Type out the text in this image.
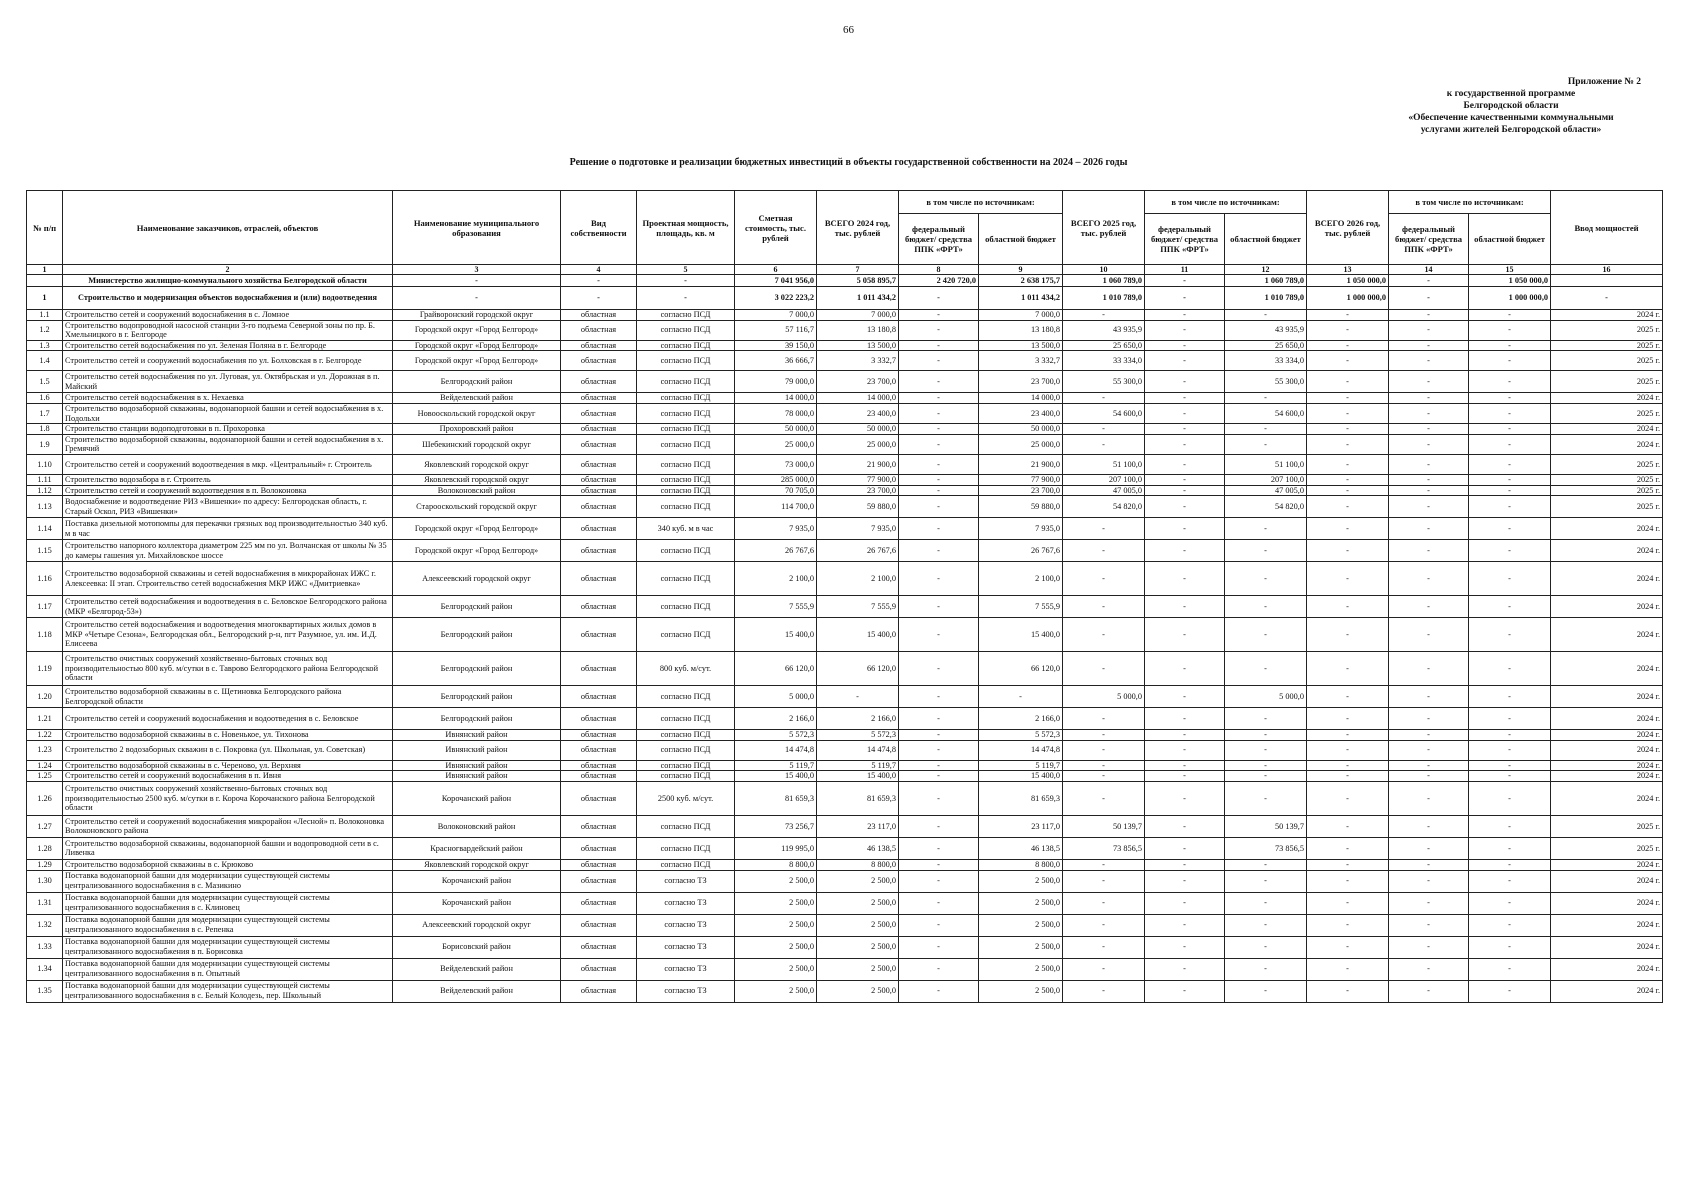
66
Приложение № 2
к государственной программе
Белгородской области
«Обеспечение качественными коммунальными
услугами жителей Белгородской области»
Решение о подготовке и реализации бюджетных инвестиций в объекты государственной собственности на 2024 – 2026 годы
№ п/п	Наименование заказчиков, отраслей, объектов	Наименование муниципального образования	Вид собственности	Проектная мощность, площадь, кв. м	Сметная стоимость, тыс. рублей	ВСЕГО 2024 год, тыс. рублей	в том числе по источникам:		ВСЕГО 2025 год, тыс. рублей	в том числе по источникам:		ВСЕГО 2026 год, тыс. рублей	в том числе по источникам:		Ввод мощностей
							федеральный бюджет/ средства ППК «ФРТ»	областной бюджет		федеральный бюджет/ средства ППК «ФРТ»	областной бюджет		федеральный бюджет/ средства ППК «ФРТ»	областной бюджет	
1	2	3	4	5	6	7	8	9	10	11	12	13	14	15	16
	Министерство жилищно-коммунального хозяйства Белгородской области	-	-	-	7 041 956,0	5 058 895,7	2 420 720,0	2 638 175,7	1 060 789,0	-	1 060 789,0	1 050 000,0	-	1 050 000,0	
1	Строительство и модернизация объектов водоснабжения и (или) водоотведения	-	-	-	3 022 223,2	1 011 434,2	-	1 011 434,2	1 010 789,0	-	1 010 789,0	1 000 000,0	-	1 000 000,0	-
1.1	Строительство сетей и сооружений водоснабжения в с. Ломное	Грайворонский городской округ	областная	согласно ПСД	7 000,0	7 000,0	-	7 000,0	-	-	-	-	-	-	2024 г.
1.2	Строительство водопроводной насосной станции 3-го подъема Северной зоны по пр. Б. Хмельницкого в г. Белгороде	Городской округ «Город Белгород»	областная	согласно ПСД	57 116,7	13 180,8	-	13 180,8	43 935,9	-	43 935,9	-	-	-	2025 г.
1.3	Строительство сетей водоснабжения по ул. Зеленая Поляна в г. Белгороде	Городской округ «Город Белгород»	областная	согласно ПСД	39 150,0	13 500,0	-	13 500,0	25 650,0	-	25 650,0	-	-	-	2025 г.
1.4	Строительство сетей и сооружений водоснабжения по ул. Болховская в г. Белгороде	Городской округ «Город Белгород»	областная	согласно ПСД	36 666,7	3 332,7	-	3 332,7	33 334,0	-	33 334,0	-	-	-	2025 г.
1.5	Строительство сетей водоснабжения по ул. Луговая, ул. Октябрьская и ул. Дорожная в п. Майский	Белгородский район	областная	согласно ПСД	79 000,0	23 700,0	-	23 700,0	55 300,0	-	55 300,0	-	-	-	2025 г.
1.6	Строительство сетей водоснабжения в х. Нехаевка	Вейделевский район	областная	согласно ПСД	14 000,0	14 000,0	-	14 000,0	-	-	-	-	-	-	2024 г.
1.7	Строительство водозаборной скважины, водонапорной башни и сетей водоснабжения в х. Подольхи	Новооскольский городской округ	областная	согласно ПСД	78 000,0	23 400,0	-	23 400,0	54 600,0	-	54 600,0	-	-	-	2025 г.
1.8	Строительство станции водоподготовки в п. Прохоровка	Прохоровский район	областная	согласно ПСД	50 000,0	50 000,0	-	50 000,0	-	-	-	-	-	-	2024 г.
1.9	Строительство водозаборной скважины, водонапорной башни и сетей водоснабжения в х. Гремячий	Шебекинский городской округ	областная	согласно ПСД	25 000,0	25 000,0	-	25 000,0	-	-	-	-	-	-	2024 г.
1.10	Строительство сетей и сооружений водоотведения в мкр. «Центральный» г. Строитель	Яковлевский городской округ	областная	согласно ПСД	73 000,0	21 900,0	-	21 900,0	51 100,0	-	51 100,0	-	-	-	2025 г.
1.11	Строительство водозабора в г. Строитель	Яковлевский городской округ	областная	согласно ПСД	285 000,0	77 900,0	-	77 900,0	207 100,0	-	207 100,0	-	-	-	2025 г.
1.12	Строительство сетей и сооружений водоотведения в п. Волоконовка	Волоконовский район	областная	согласно ПСД	70 705,0	23 700,0	-	23 700,0	47 005,0	-	47 005,0	-	-	-	2025 г.
1.13	Водоснабжение и водоотведение РИЗ «Вишенки» по адресу: Белгородская область, г. Старый Оскол, РИЗ «Вишенки»	Старооскольский городской округ	областная	согласно ПСД	114 700,0	59 880,0	-	59 880,0	54 820,0	-	54 820,0	-	-	-	2025 г.
1.14	Поставка дизельной мотопомпы для перекачки грязных вод производительностью 340 куб. м в час	Городской округ «Город Белгород»	областная	340 куб. м в час	7 935,0	7 935,0	-	7 935,0	-	-	-	-	-	-	2024 г.
1.15	Строительство напорного коллектора диаметром 225 мм по ул. Волчанская от школы № 35 до камеры гашения ул. Михайловское шоссе	Городской округ «Город Белгород»	областная	согласно ПСД	26 767,6	26 767,6	-	26 767,6	-	-	-	-	-	-	2024 г.
1.16	Строительство водозаборной скважины и сетей водоснабжения в микрорайонах ИЖС г. Алексеевка: II этап. Строительство сетей водоснабжения МКР ИЖС «Дмитриевка»	Алексеевский городской округ	областная	согласно ПСД	2 100,0	2 100,0	-	2 100,0	-	-	-	-	-	-	2024 г.
1.17	Строительство сетей водоснабжения и водоотведения в с. Беловское Белгородского района (МКР «Белгород-53»)	Белгородский район	областная	согласно ПСД	7 555,9	7 555,9	-	7 555,9	-	-	-	-	-	-	2024 г.
1.18	Строительство сетей водоснабжения и водоотведения многоквартирных жилых домов в МКР «Четыре Сезона», Белгородская обл., Белгородский р-н, пгт Разумное, ул. им. И.Д. Елисеева	Белгородский район	областная	согласно ПСД	15 400,0	15 400,0	-	15 400,0	-	-	-	-	-	-	2024 г.
1.19	Строительство очистных сооружений хозяйственно-бытовых сточных вод производительностью 800 куб. м/сутки в с. Таврово Белгородского района Белгородской области	Белгородский район	областная	800 куб. м/сут.	66 120,0	66 120,0	-	66 120,0	-	-	-	-	-	-	2024 г.
1.20	Строительство водозаборной скважины в с. Щетиновка Белгородского района Белгородской области	Белгородский район	областная	согласно ПСД	5 000,0	-	-	-	5 000,0	-	5 000,0	-	-	-	2024 г.
1.21	Строительство сетей и сооружений водоснабжения и водоотведения в с. Беловское	Белгородский район	областная	согласно ПСД	2 166,0	2 166,0	-	2 166,0	-	-	-	-	-	-	2024 г.
1.22	Строительство водозаборной скважины в с. Новенькое, ул. Тихонова	Ивнянский район	областная	согласно ПСД	5 572,3	5 572,3	-	5 572,3	-	-	-	-	-	-	2024 г.
1.23	Строительство 2 водозаборных скважин в с. Покровка (ул. Школьная, ул. Советская)	Ивнянский район	областная	согласно ПСД	14 474,8	14 474,8	-	14 474,8	-	-	-	-	-	-	2024 г.
1.24	Строительство водозаборной скважины в с. Череново, ул. Верхняя	Ивнянский район	областная	согласно ПСД	5 119,7	5 119,7	-	5 119,7	-	-	-	-	-	-	2024 г.
1.25	Строительство сетей и сооружений водоснабжения в п. Ивня	Ивнянский район	областная	согласно ПСД	15 400,0	15 400,0	-	15 400,0	-	-	-	-	-	-	2024 г.
1.26	Строительство очистных сооружений хозяйственно-бытовых сточных вод производительностью 2500 куб. м/сутки в г. Короча Корочанского района Белгородской области	Корочанский район	областная	2500 куб. м/сут.	81 659,3	81 659,3	-	81 659,3	-	-	-	-	-	-	2024 г.
1.27	Строительство сетей и сооружений водоснабжения микрорайон «Лесной» п. Волоконовка Волоконовского района	Волоконовский район	областная	согласно ПСД	73 256,7	23 117,0	-	23 117,0	50 139,7	-	50 139,7	-	-	-	2025 г.
1.28	Строительство водозаборной скважины, водонапорной башни и водопроводной сети в с. Ливенка	Красногвардейский район	областная	согласно ПСД	119 995,0	46 138,5	-	46 138,5	73 856,5	-	73 856,5	-	-	-	2025 г.
1.29	Строительство водозаборной скважины в с. Крюково	Яковлевский городской округ	областная	согласно ПСД	8 800,0	8 800,0	-	8 800,0	-	-	-	-	-	-	2024 г.
1.30	Поставка водонапорной башни для модернизации существующей системы централизованного водоснабжения в с. Мазикино	Корочанский район	областная	согласно ТЗ	2 500,0	2 500,0	-	2 500,0	-	-	-	-	-	-	2024 г.
1.31	Поставка водонапорной башни для модернизации существующей системы централизованного водоснабжения в с. Клиновец	Корочанский район	областная	согласно ТЗ	2 500,0	2 500,0	-	2 500,0	-	-	-	-	-	-	2024 г.
1.32	Поставка водонапорной башни для модернизации существующей системы централизованного водоснабжения в с. Репенка	Алексеевский городской округ	областная	согласно ТЗ	2 500,0	2 500,0	-	2 500,0	-	-	-	-	-	-	2024 г.
1.33	Поставка водонапорной башни для модернизации существующей системы централизованного водоснабжения в п. Борисовка	Борисовский район	областная	согласно ТЗ	2 500,0	2 500,0	-	2 500,0	-	-	-	-	-	-	2024 г.
1.34	Поставка водонапорной башни для модернизации существующей системы централизованного водоснабжения в п. Опытный	Вейделевский район	областная	согласно ТЗ	2 500,0	2 500,0	-	2 500,0	-	-	-	-	-	-	2024 г.
1.35	Поставка водонапорной башни для модернизации существующей системы централизованного водоснабжения в с. Белый Колодезь, пер. Школьный	Вейделевский район	областная	согласно ТЗ	2 500,0	2 500,0	-	2 500,0	-	-	-	-	-	-	2024 г.
